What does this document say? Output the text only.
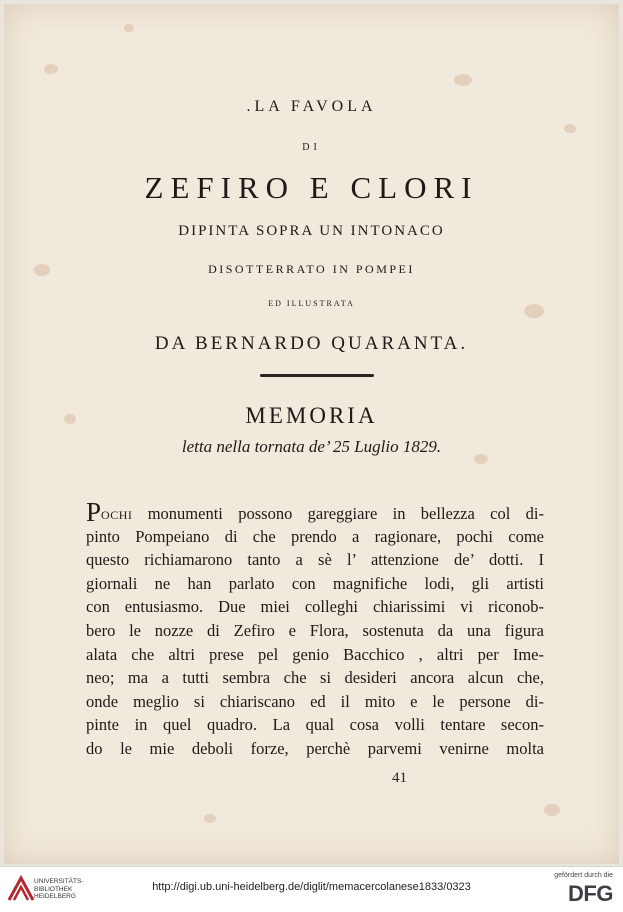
.LA FAVOLA
DI
ZEFIRO E CLORI
DIPINTA SOPRA UN INTONACO
DISOTTERRATO IN POMPEI
ED ILLUSTRATA
DA BERNARDO QUARANTA.
MEMORIA
letta nella tornata de’ 25 Luglio 1829.
Pochi monumenti possono gareggiare in bellezza col di-
pinto Pompeiano di che prendo a ragionare, pochi come
questo richiamarono tanto a sè l’ attenzione de’ dotti. I
giornali ne han parlato con magnifiche lodi, gli artisti
con entusiasmo. Due miei colleghi chiarissimi vi riconob-
bero le nozze di Zefiro e Flora, sostenuta da una figura
alata che altri prese pel genio Bacchico , altri per Ime-
neo; ma a tutti sembra che si desideri ancora alcun che,
onde meglio si chiariscano ed il mito e le persone di-
pinte in quel quadro. La qual cosa volli tentare secon-
do le mie deboli forze, perchè parvemi venirne molta
41
UNIVERSITÄTS-
BIBLIOTHEK
HEIDELBERG
http://digi.ub.uni-heidelberg.de/diglit/memacercolanese1833/0323
gefördert durch die
DFG
